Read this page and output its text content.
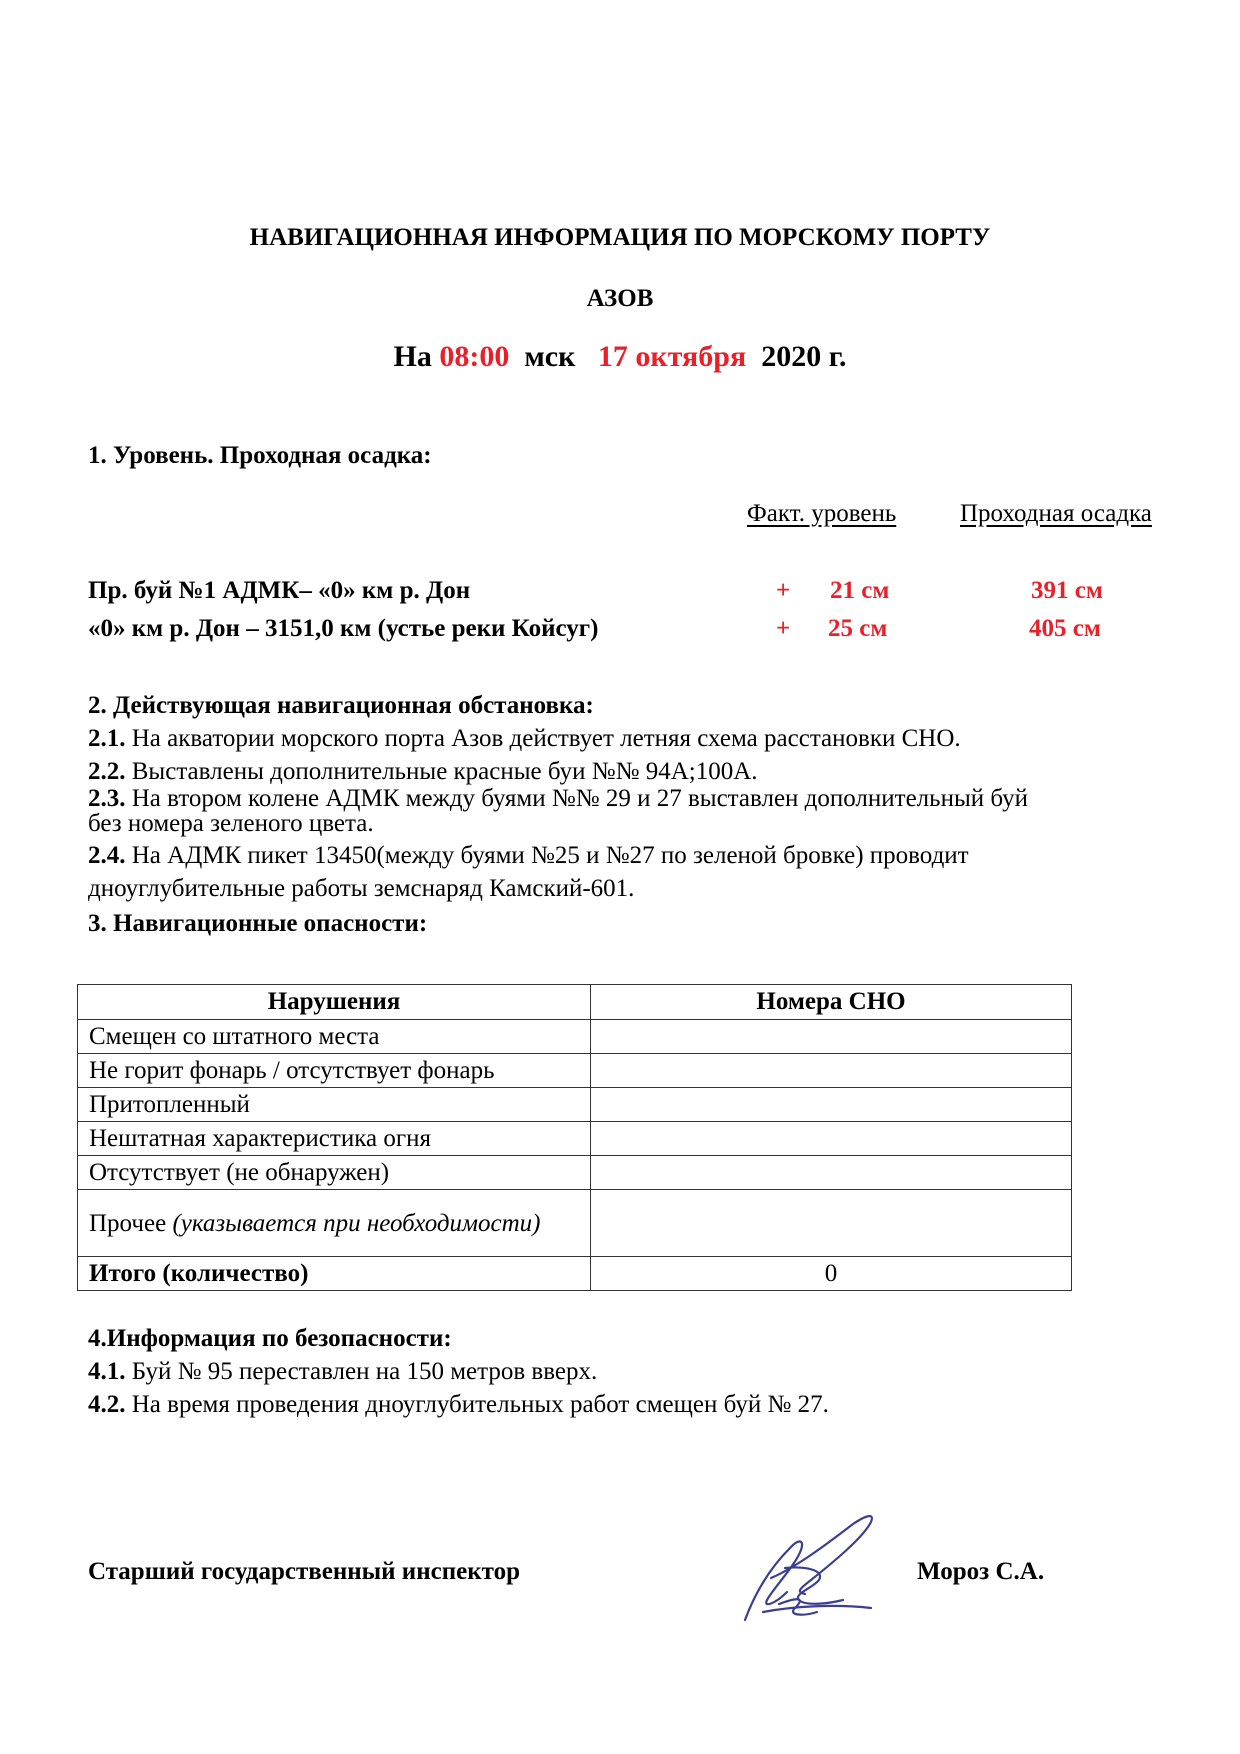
НАВИГАЦИОННАЯ ИНФОРМАЦИЯ ПО МОРСКОМУ ПОРТУ
АЗОВ
На 08:00 мск 17 октября 2020 г.
1. Уровень. Проходная осадка:
Факт. уровень	Проходная осадка
Пр. буй №1 АДМК– «0» км р. Дон	+ 21 см	391 см
«0» км р. Дон – 3151,0 км (устье реки Койсуг)	+ 25 см	405 см
2. Действующая навигационная обстановка:
2.1. На акватории морского порта Азов действует летняя схема расстановки СНО.
2.2. Выставлены дополнительные красные буи №№ 94А;100А.
2.3. На втором колене АДМК между буями №№ 29 и 27 выставлен дополнительный буй
без номера зеленого цвета.
2.4. На АДМК пикет 13450(между буями №25 и №27 по зеленой бровке) проводит
дноуглубительные работы земснаряд Камский-601.
3. Навигационные опасности:
Нарушения	Номера СНО
Смещен со штатного места	
Не горит фонарь / отсутствует фонарь	
Притопленный	
Нештатная характеристика огня	
Отсутствует (не обнаружен)	
Прочее (указывается при необходимости)	
Итого (количество)	0
4.Информация по безопасности:
4.1. Буй № 95 переставлен на 150 метров вверх.
4.2. На время проведения дноуглубительных работ смещен буй № 27.
Старший государственный инспектор	Мороз С.А.
